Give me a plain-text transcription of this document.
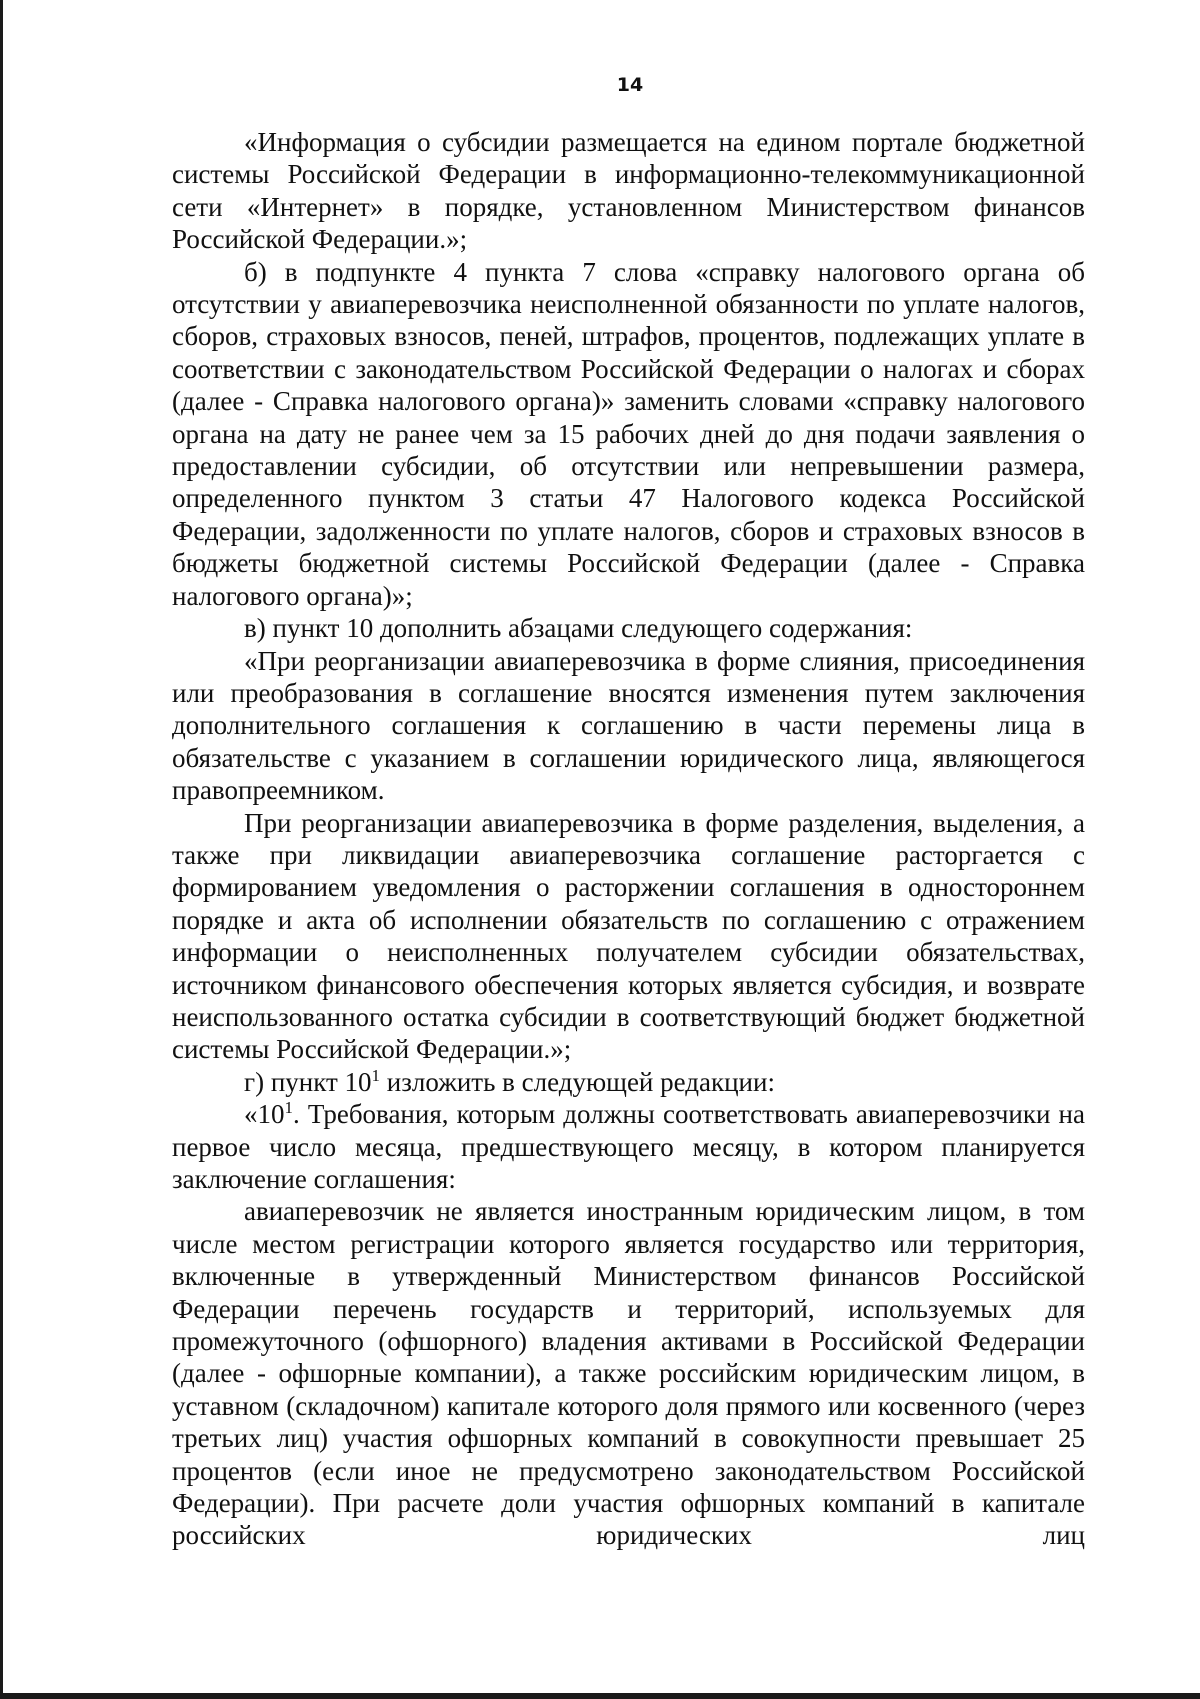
14

«Информация о субсидии размещается на едином портале бюджетной системы Российской Федерации в информационно-телекоммуникационной сети «Интернет» в порядке, установленном Министерством финансов Российской Федерации.»;

б) в подпункте 4 пункта 7 слова «справку налогового органа об отсутствии у авиаперевозчика неисполненной обязанности по уплате налогов, сборов, страховых взносов, пеней, штрафов, процентов, подлежащих уплате в соответствии с законодательством Российской Федерации о налогах и сборах (далее - Справка налогового органа)» заменить словами «справку налогового органа на дату не ранее чем за 15 рабочих дней до дня подачи заявления о предоставлении субсидии, об отсутствии или непревышении размера, определенного пунктом 3 статьи 47 Налогового кодекса Российской Федерации, задолженности по уплате налогов, сборов и страховых взносов в бюджеты бюджетной системы Российской Федерации (далее - Справка налогового органа)»;

в) пункт 10 дополнить абзацами следующего содержания:

«При реорганизации авиаперевозчика в форме слияния, присоединения или преобразования в соглашение вносятся изменения путем заключения дополнительного соглашения к соглашению в части перемены лица в обязательстве с указанием в соглашении юридического лица, являющегося правопреемником.

При реорганизации авиаперевозчика в форме разделения, выделения, а также при ликвидации авиаперевозчика соглашение расторгается с формированием уведомления о расторжении соглашения в одностороннем порядке и акта об исполнении обязательств по соглашению с отражением информации о неисполненных получателем субсидии обязательствах, источником финансового обеспечения которых является субсидия, и возврате неиспользованного остатка субсидии в соответствующий бюджет бюджетной системы Российской Федерации.»;

г) пункт $10^1$ изложить в следующей редакции:

«$10^1$. Требования, которым должны соответствовать авиаперевозчики на первое число месяца, предшествующего месяцу, в котором планируется заключение соглашения:

авиаперевозчик не является иностранным юридическим лицом, в том числе местом регистрации которого является государство или территория, включенные в утвержденный Министерством финансов Российской Федерации перечень государств и территорий, используемых для промежуточного (офшорного) владения активами в Российской Федерации (далее - офшорные компании), а также российским юридическим лицом, в уставном (складочном) капитале которого доля прямого или косвенного (через третьих лиц) участия офшорных компаний в совокупности превышает 25 процентов (если иное не предусмотрено законодательством Российской Федерации). При расчете доли участия офшорных компаний в капитале российских юридических лиц
